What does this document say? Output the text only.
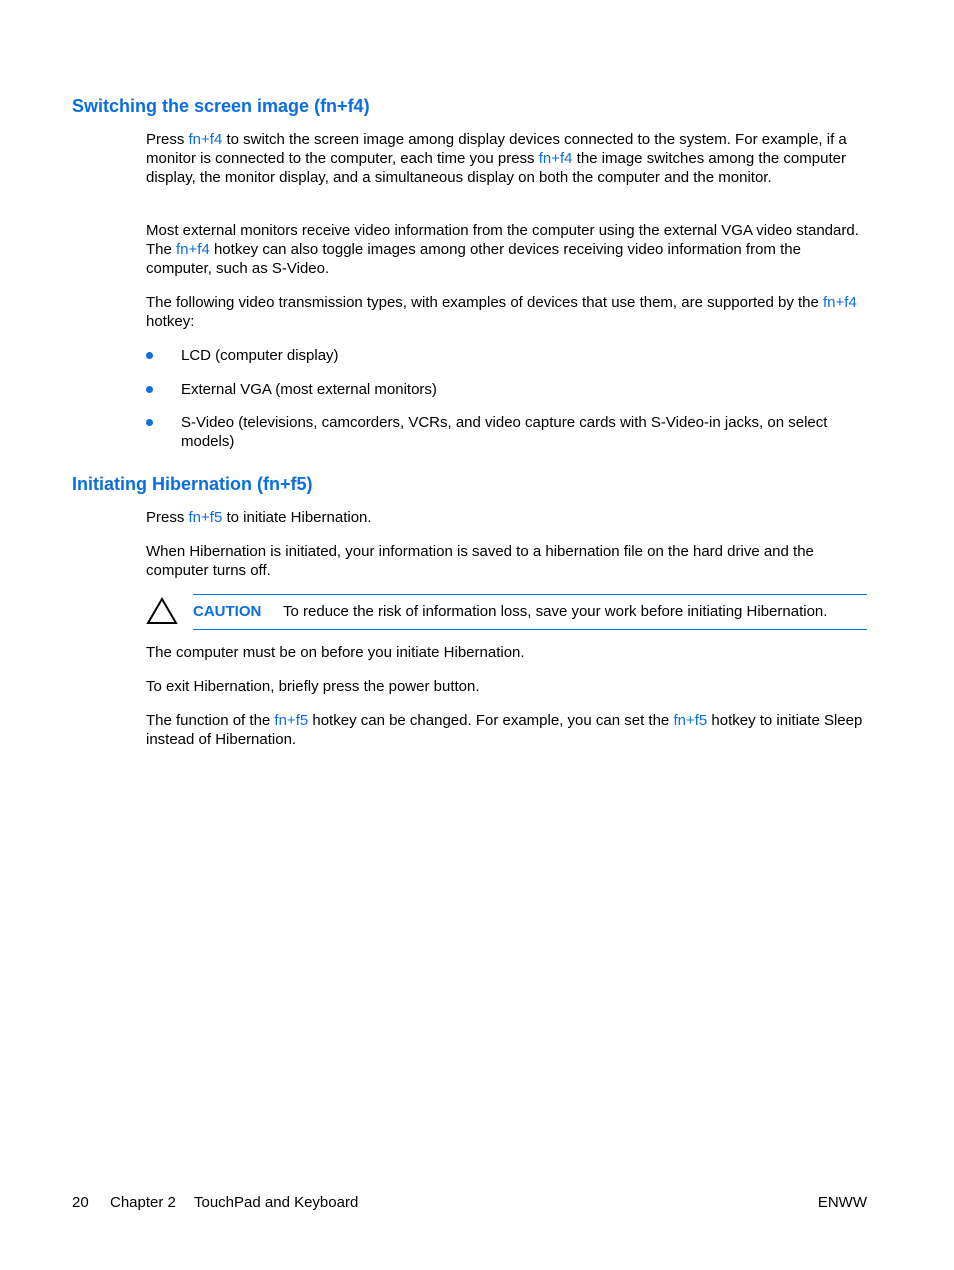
Switching the screen image (fn+f4)

Press fn+f4 to switch the screen image among display devices connected to the system. For example, if a monitor is connected to the computer, each time you press fn+f4 the image switches among the computer display, the monitor display, and a simultaneous display on both the computer and the monitor.

Most external monitors receive video information from the computer using the external VGA video standard. The fn+f4 hotkey can also toggle images among other devices receiving video information from the computer, such as S-Video.

The following video transmission types, with examples of devices that use them, are supported by the fn+f4 hotkey:

LCD (computer display)
External VGA (most external monitors)
S-Video (televisions, camcorders, VCRs, and video capture cards with S-Video-in jacks, on select models)
Initiating Hibernation (fn+f5)

Press fn+f5 to initiate Hibernation.

When Hibernation is initiated, your information is saved to a hibernation file on the hard drive and the computer turns off.

CAUTION To reduce the risk of information loss, save your work before initiating Hibernation.

The computer must be on before you initiate Hibernation.

To exit Hibernation, briefly press the power button.

The function of the fn+f5 hotkey can be changed. For example, you can set the fn+f5 hotkey to initiate Sleep instead of Hibernation.

20 Chapter 2 TouchPad and Keyboard	ENWW
